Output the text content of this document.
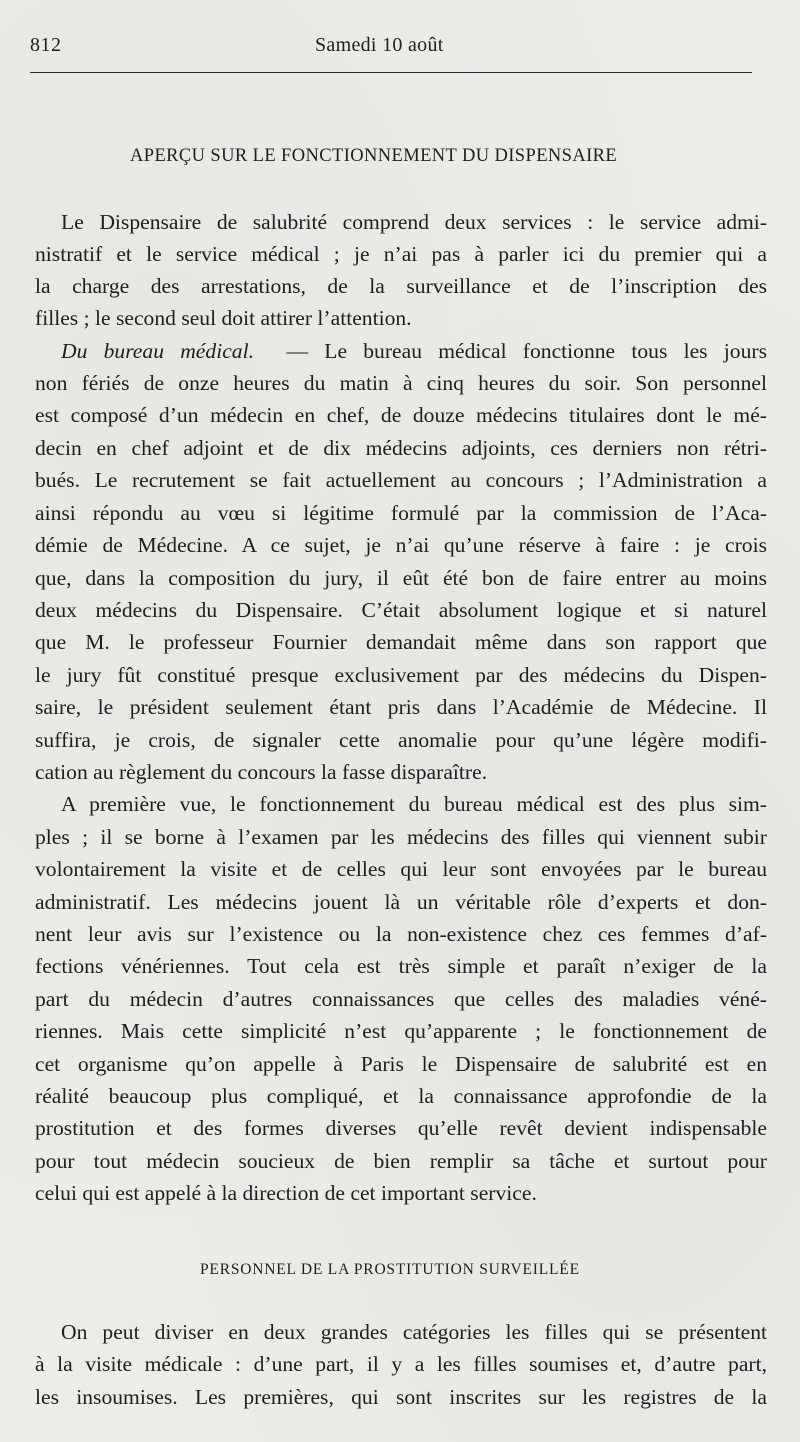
812	Samedi 10 août
APERÇU SUR LE FONCTIONNEMENT DU DISPENSAIRE
Le Dispensaire de salubrité comprend deux services : le service admi-
nistratif et le service médical ; je n’ai pas à parler ici du premier qui a
la charge des arrestations, de la surveillance et de l’inscription des
filles ; le second seul doit attirer l’attention.
Du bureau médical. — Le bureau médical fonctionne tous les jours
non fériés de onze heures du matin à cinq heures du soir. Son personnel
est composé d’un médecin en chef, de douze médecins titulaires dont le mé-
decin en chef adjoint et de dix médecins adjoints, ces derniers non rétri-
bués. Le recrutement se fait actuellement au concours ; l’Administration a
ainsi répondu au vœu si légitime formulé par la commission de l’Aca-
démie de Médecine. A ce sujet, je n’ai qu’une réserve à faire : je crois
que, dans la composition du jury, il eût été bon de faire entrer au moins
deux médecins du Dispensaire. C’était absolument logique et si naturel
que M. le professeur Fournier demandait même dans son rapport que
le jury fût constitué presque exclusivement par des médecins du Dispen-
saire, le président seulement étant pris dans l’Académie de Médecine. Il
suffira, je crois, de signaler cette anomalie pour qu’une légère modifi-
cation au règlement du concours la fasse disparaître.
A première vue, le fonctionnement du bureau médical est des plus sim-
ples ; il se borne à l’examen par les médecins des filles qui viennent subir
volontairement la visite et de celles qui leur sont envoyées par le bureau
administratif. Les médecins jouent là un véritable rôle d’experts et don-
nent leur avis sur l’existence ou la non-existence chez ces femmes d’af-
fections vénériennes. Tout cela est très simple et paraît n’exiger de la
part du médecin d’autres connaissances que celles des maladies véné-
riennes. Mais cette simplicité n’est qu’apparente ; le fonctionnement de
cet organisme qu’on appelle à Paris le Dispensaire de salubrité est en
réalité beaucoup plus compliqué, et la connaissance approfondie de la
prostitution et des formes diverses qu’elle revêt devient indispensable
pour tout médecin soucieux de bien remplir sa tâche et surtout pour
celui qui est appelé à la direction de cet important service.
PERSONNEL DE LA PROSTITUTION SURVEILLÉE
On peut diviser en deux grandes catégories les filles qui se présentent
à la visite médicale : d’une part, il y a les filles soumises et, d’autre part,
les insoumises. Les premières, qui sont inscrites sur les registres de la
